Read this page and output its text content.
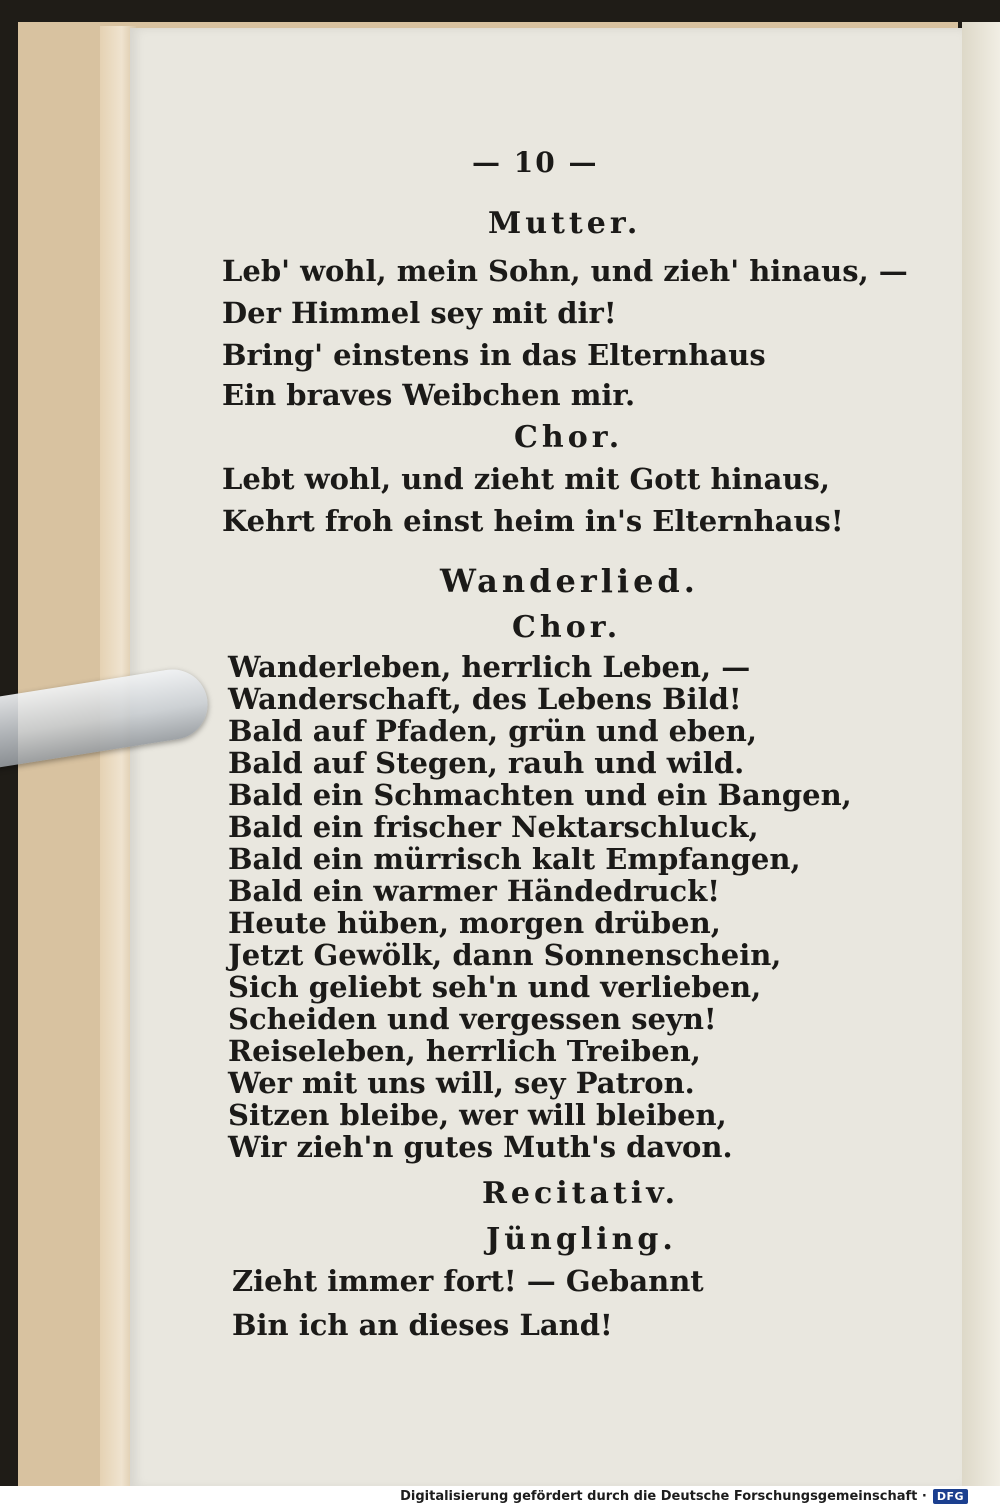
— 10 —
Mutter.
Leb' wohl, mein Sohn, und zieh' hinaus, —
Der Himmel sey mit dir!
Bring' einstens in das Elternhaus
Ein braves Weibchen mir.
Chor.
Lebt wohl, und zieht mit Gott hinaus,
Kehrt froh einst heim in's Elternhaus!
Wanderlied.
Chor.
Wanderleben, herrlich Leben, —
Wanderschaft, des Lebens Bild!
Bald auf Pfaden, grün und eben,
Bald auf Stegen, rauh und wild.
Bald ein Schmachten und ein Bangen,
Bald ein frischer Nektarschluck,
Bald ein mürrisch kalt Empfangen,
Bald ein warmer Händedruck!
Heute hüben, morgen drüben,
Jetzt Gewölk, dann Sonnenschein,
Sich geliebt seh'n und verlieben,
Scheiden und vergessen seyn!
Reiseleben, herrlich Treiben,
Wer mit uns will, sey Patron.
Sitzen bleibe, wer will bleiben,
Wir zieh'n gutes Muth's davon.
Recitativ.
Jüngling.
Zieht immer fort! — Gebannt
Bin ich an dieses Land!
Digitalisierung gefördert durch die Deutsche Forschungsgemeinschaft · DFG
